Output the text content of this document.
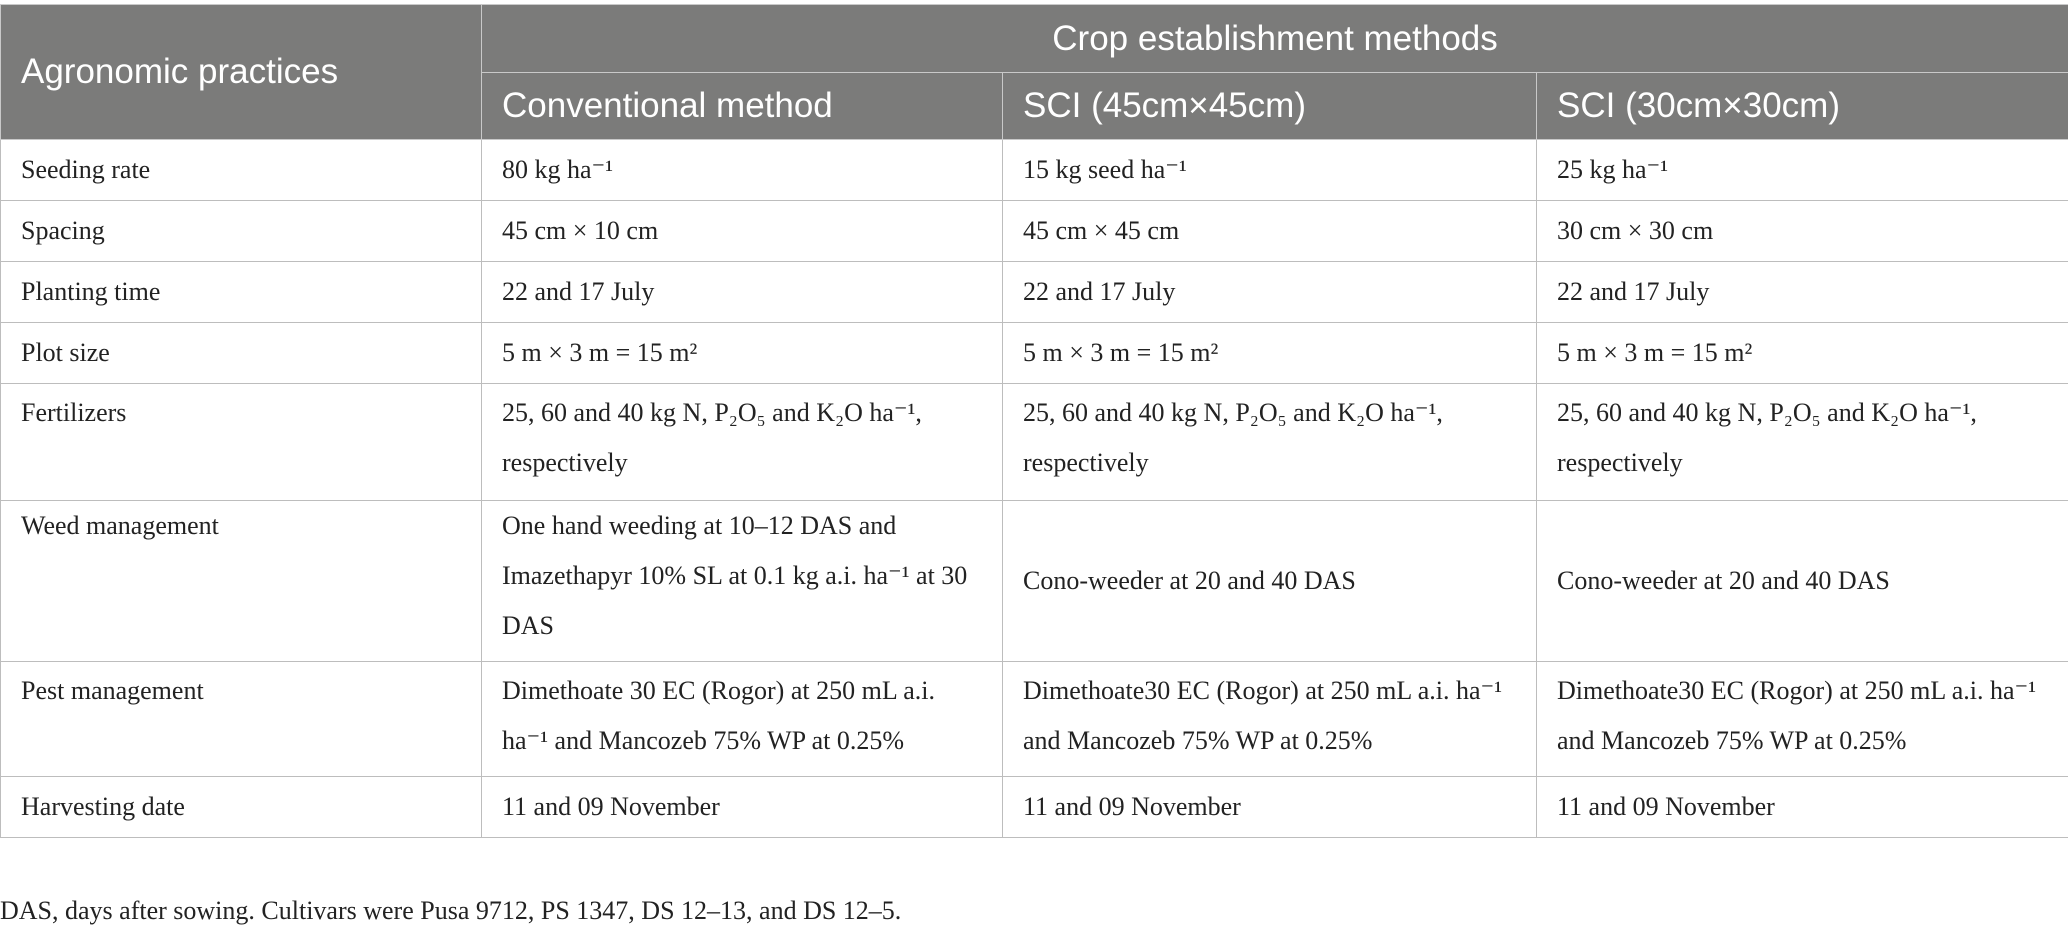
Agronomic practices	Crop establishment methods		
	Conventional method	SCI (45cm×45cm)	SCI (30cm×30cm)
Seeding rate	80 kg ha⁻¹	15 kg seed ha⁻¹	25 kg ha⁻¹
Spacing	45 cm × 10 cm	45 cm × 45 cm	30 cm × 30 cm
Planting time	22 and 17 July	22 and 17 July	22 and 17 July
Plot size	5 m × 3 m = 15 m²	5 m × 3 m = 15 m²	5 m × 3 m = 15 m²
Fertilizers	25, 60 and 40 kg N, P₂O₅ and K₂O ha⁻¹, respectively	25, 60 and 40 kg N, P₂O₅ and K₂O ha⁻¹, respectively	25, 60 and 40 kg N, P₂O₅ and K₂O ha⁻¹, respectively
Weed management	One hand weeding at 10–12 DAS and Imazethapyr 10% SL at 0.1 kg a.i. ha⁻¹ at 30 DAS	Cono-weeder at 20 and 40 DAS	Cono-weeder at 20 and 40 DAS
Pest management	Dimethoate 30 EC (Rogor) at 250 mL a.i. ha⁻¹ and Mancozeb 75% WP at 0.25%	Dimethoate30 EC (Rogor) at 250 mL a.i. ha⁻¹ and Mancozeb 75% WP at 0.25%	Dimethoate30 EC (Rogor) at 250 mL a.i. ha⁻¹ and Mancozeb 75% WP at 0.25%
Harvesting date	11 and 09 November	11 and 09 November	11 and 09 November
DAS, days after sowing. Cultivars were Pusa 9712, PS 1347, DS 12–13, and DS 12–5.
